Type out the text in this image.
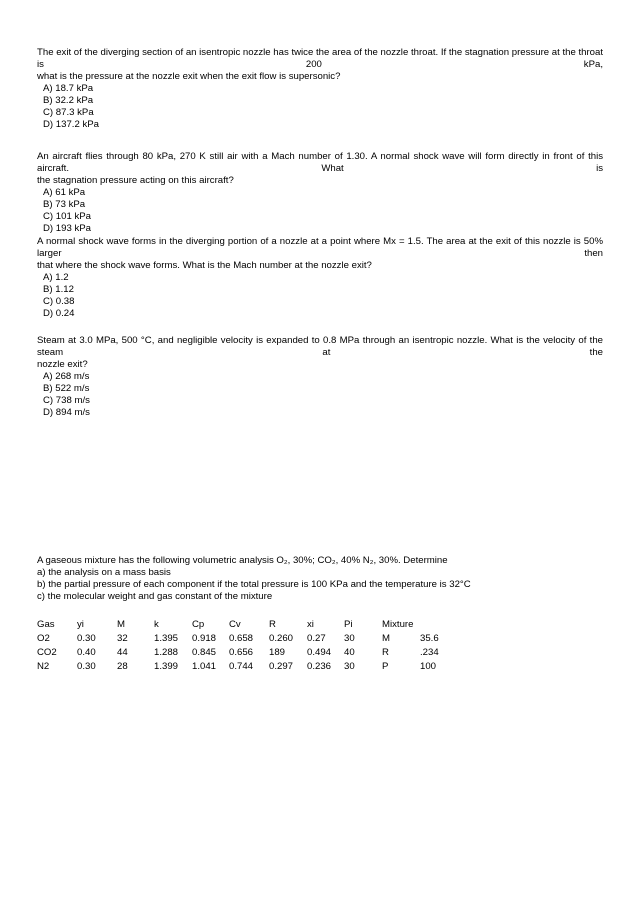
The exit of the diverging section of an isentropic nozzle has twice the area of the nozzle throat. If the stagnation pressure at the throat is 200 kPa,
what is the pressure at the nozzle exit when the exit flow is supersonic?
A) 18.7 kPa
B) 32.2 kPa
C) 87.3 kPa
D) 137.2 kPa
An aircraft flies through 80 kPa, 270 K still air with a Mach number of 1.30. A normal shock wave will form directly in front of this aircraft. What is
the stagnation pressure acting on this aircraft?
A) 61 kPa
B) 73 kPa
C) 101 kPa
D) 193 kPa
A normal shock wave forms in the diverging portion of a nozzle at a point where Mx = 1.5. The area at the exit of this nozzle is 50% larger then
that where the shock wave forms. What is the Mach number at the nozzle exit?
A) 1.2
B) 1.12
C) 0.38
D) 0.24
Steam at 3.0 MPa, 500 °C, and negligible velocity is expanded to 0.8 MPa through an isentropic nozzle. What is the velocity of the steam at the
nozzle exit?
A) 268 m/s
B) 522 m/s
C) 738 m/s
D) 894 m/s
A gaseous mixture has the following volumetric analysis O₂, 30%; CO₂, 40% N₂, 30%. Determine
a) the analysis on a mass basis
b) the partial pressure of each component if the total pressure is 100 KPa and the temperature is 32°C
c) the molecular weight and gas constant of the mixture
Gas	yi	M	k	Cp	Cv	R	xi	Pi	Mixture	
O2	0.30	32	1.395	0.918	0.658	0.260	0.27	30	M	35.6
CO2	0.40	44	1.288	0.845	0.656	189	0.494	40	R	.234
N2	0.30	28	1.399	1.041	0.744	0.297	0.236	30	P	100
